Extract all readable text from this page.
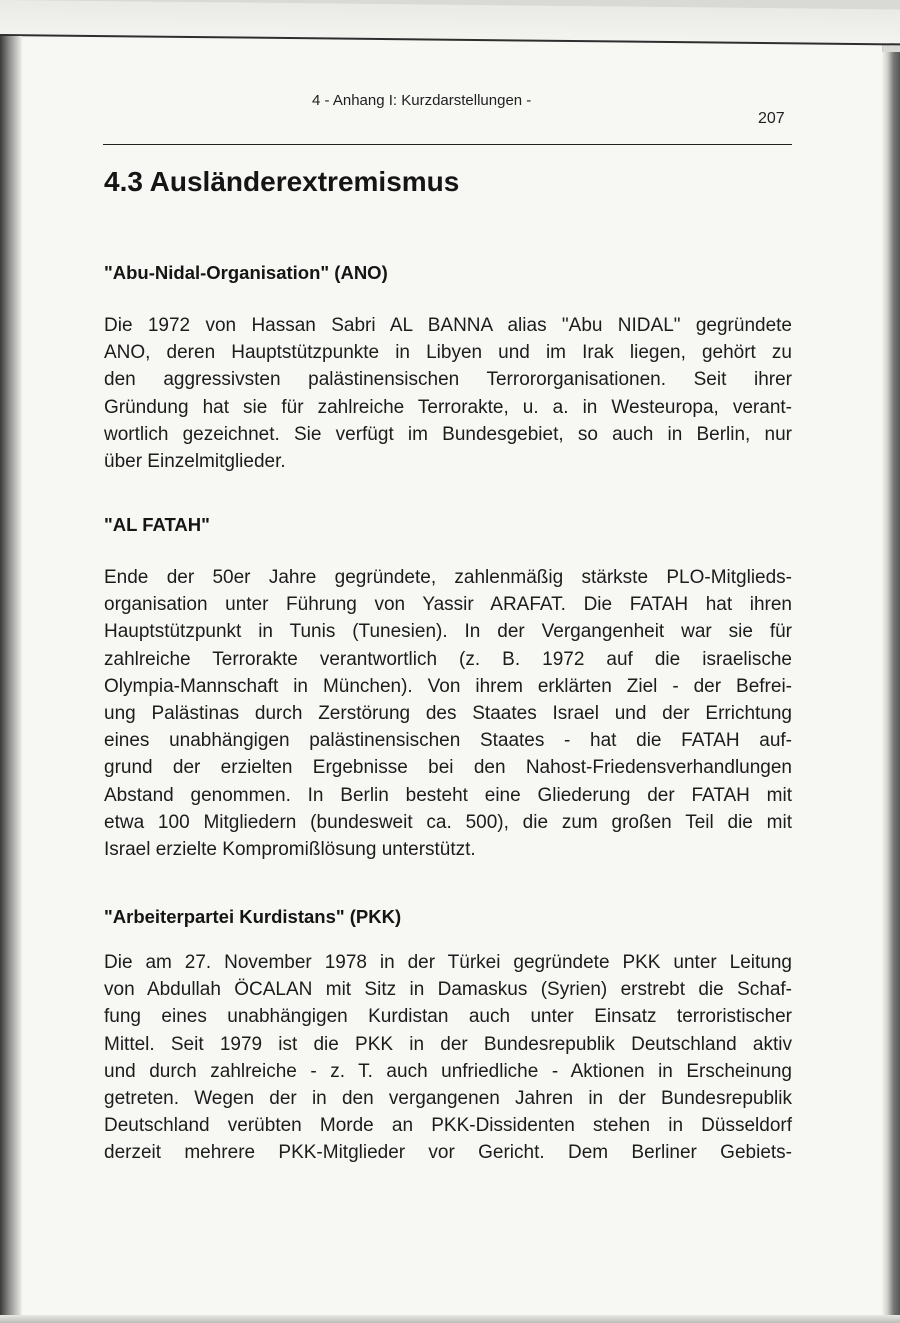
4 - Anhang I: Kurzdarstellungen -
207
4.3 Ausländerextremismus
"Abu-Nidal-Organisation" (ANO)
Die 1972 von Hassan Sabri AL BANNA alias "Abu NIDAL" gegründete
ANO, deren Hauptstützpunkte in Libyen und im Irak liegen, gehört zu
den aggressivsten palästinensischen Terrororganisationen. Seit ihrer
Gründung hat sie für zahlreiche Terrorakte, u. a. in Westeuropa, verant-
wortlich gezeichnet. Sie verfügt im Bundesgebiet, so auch in Berlin, nur
über Einzelmitglieder.
"AL FATAH"
Ende der 50er Jahre gegründete, zahlenmäßig stärkste PLO-Mitglieds-
organisation unter Führung von Yassir ARAFAT. Die FATAH hat ihren
Hauptstützpunkt in Tunis (Tunesien). In der Vergangenheit war sie für
zahlreiche Terrorakte verantwortlich (z. B. 1972 auf die israelische
Olympia-Mannschaft in München). Von ihrem erklärten Ziel - der Befrei-
ung Palästinas durch Zerstörung des Staates Israel und der Errichtung
eines unabhängigen palästinensischen Staates - hat die FATAH auf-
grund der erzielten Ergebnisse bei den Nahost-Friedensverhandlungen
Abstand genommen. In Berlin besteht eine Gliederung der FATAH mit
etwa 100 Mitgliedern (bundesweit ca. 500), die zum großen Teil die mit
Israel erzielte Kompromißlösung unterstützt.
"Arbeiterpartei Kurdistans" (PKK)
Die am 27. November 1978 in der Türkei gegründete PKK unter Leitung
von Abdullah ÖCALAN mit Sitz in Damaskus (Syrien) erstrebt die Schaf-
fung eines unabhängigen Kurdistan auch unter Einsatz terroristischer
Mittel. Seit 1979 ist die PKK in der Bundesrepublik Deutschland aktiv
und durch zahlreiche - z. T. auch unfriedliche - Aktionen in Erscheinung
getreten. Wegen der in den vergangenen Jahren in der Bundesrepublik
Deutschland verübten Morde an PKK-Dissidenten stehen in Düsseldorf
derzeit mehrere PKK-Mitglieder vor Gericht. Dem Berliner Gebiets-
